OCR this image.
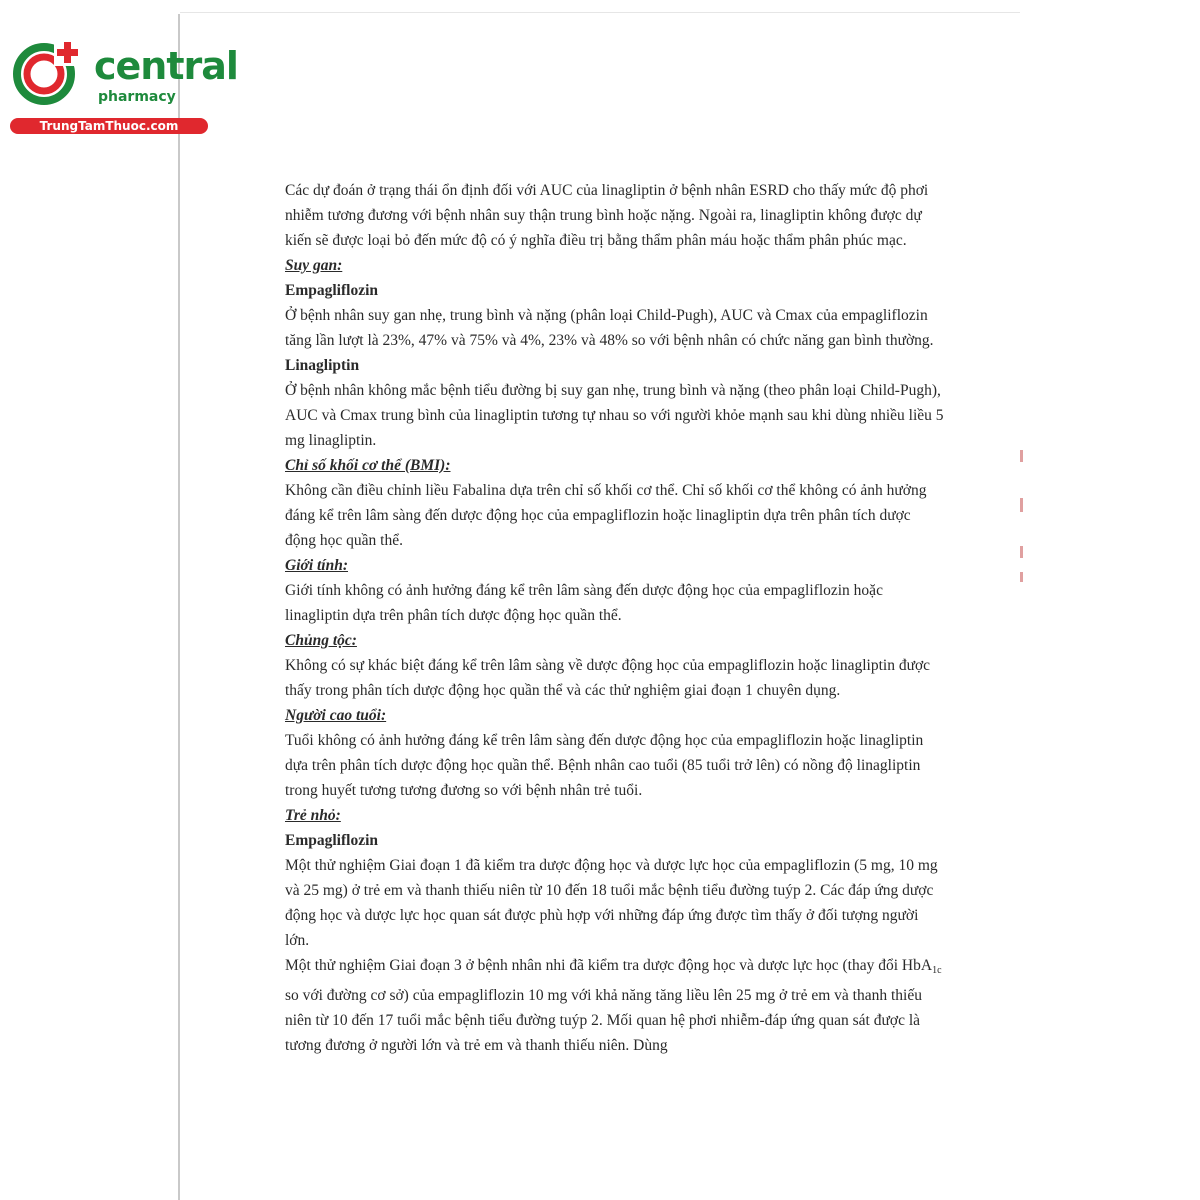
central
pharmacy
TrungTamThuoc.com

Các dự đoán ở trạng thái ổn định đối với AUC của linagliptin ở bệnh nhân ESRD cho thấy mức độ phơi nhiễm tương đương với bệnh nhân suy thận trung bình hoặc nặng. Ngoài ra, linagliptin không được dự kiến sẽ được loại bỏ đến mức độ có ý nghĩa điều trị bằng thẩm phân máu hoặc thẩm phân phúc mạc.

Suy gan:

Empagliflozin

Ở bệnh nhân suy gan nhẹ, trung bình và nặng (phân loại Child-Pugh), AUC và Cmax của empagliflozin tăng lần lượt là 23%, 47% và 75% và 4%, 23% và 48% so với bệnh nhân có chức năng gan bình thường.

Linagliptin

Ở bệnh nhân không mắc bệnh tiểu đường bị suy gan nhẹ, trung bình và nặng (theo phân loại Child-Pugh), AUC và Cmax trung bình của linagliptin tương tự nhau so với người khỏe mạnh sau khi dùng nhiều liều 5 mg linagliptin.

Chỉ số khối cơ thể (BMI):

Không cần điều chỉnh liều Fabalina dựa trên chỉ số khối cơ thể. Chỉ số khối cơ thể không có ảnh hưởng đáng kể trên lâm sàng đến dược động học của empagliflozin hoặc linagliptin dựa trên phân tích dược động học quần thể.

Giới tính:

Giới tính không có ảnh hưởng đáng kể trên lâm sàng đến dược động học của empagliflozin hoặc linagliptin dựa trên phân tích dược động học quần thể.

Chủng tộc:

Không có sự khác biệt đáng kể trên lâm sàng về dược động học của empagliflozin hoặc linagliptin được thấy trong phân tích dược động học quần thể và các thử nghiệm giai đoạn 1 chuyên dụng.

Người cao tuổi:

Tuổi không có ảnh hưởng đáng kể trên lâm sàng đến dược động học của empagliflozin hoặc linagliptin dựa trên phân tích dược động học quần thể. Bệnh nhân cao tuổi (85 tuổi trở lên) có nồng độ linagliptin trong huyết tương tương đương so với bệnh nhân trẻ tuổi.

Trẻ nhỏ:

Empagliflozin

Một thử nghiệm Giai đoạn 1 đã kiểm tra dược động học và dược lực học của empagliflozin (5 mg, 10 mg và 25 mg) ở trẻ em và thanh thiếu niên từ 10 đến 18 tuổi mắc bệnh tiểu đường tuýp 2. Các đáp ứng dược động học và dược lực học quan sát được phù hợp với những đáp ứng được tìm thấy ở đối tượng người lớn.

Một thử nghiệm Giai đoạn 3 ở bệnh nhân nhi đã kiểm tra dược động học và dược lực học (thay đổi HbA$_{1c}$ so với đường cơ sở) của empagliflozin 10 mg với khả năng tăng liều lên 25 mg ở trẻ em và thanh thiếu niên từ 10 đến 17 tuổi mắc bệnh tiểu đường tuýp 2. Mối quan hệ phơi nhiễm-đáp ứng quan sát được là tương đương ở người lớn và trẻ em và thanh thiếu niên. Dùng
